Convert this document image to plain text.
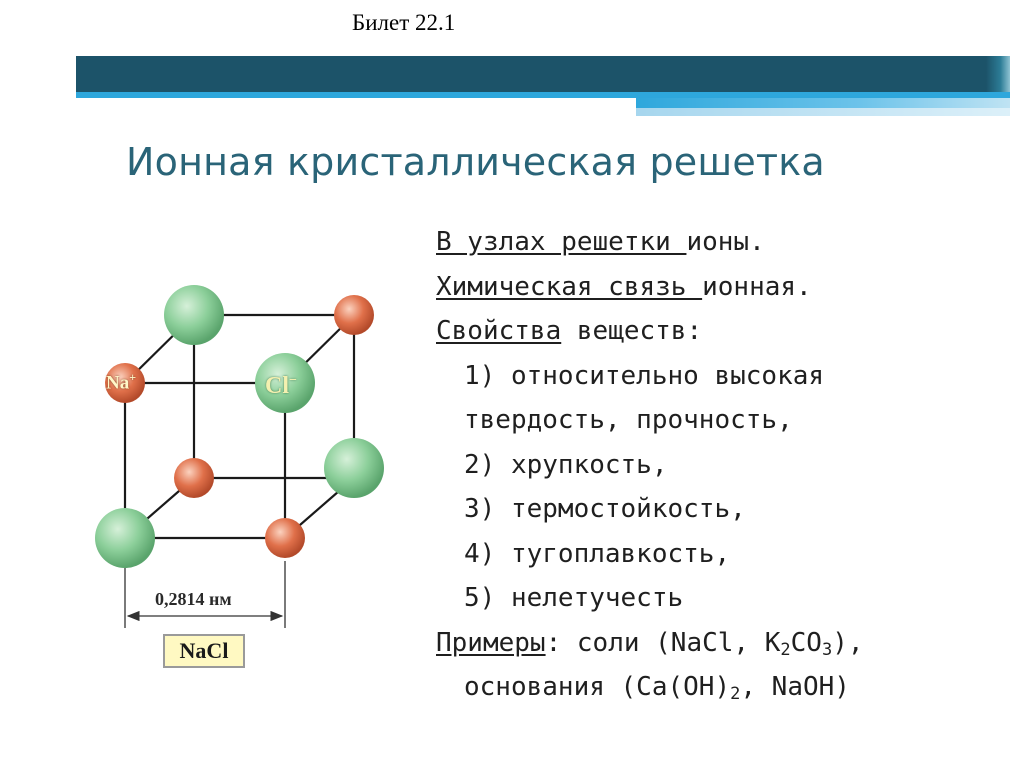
Билет 22.1
Ионная кристаллическая решетка
Na+	Cl−
0,2814 нм
NaCl
В узлах решетки ионы.
Химическая связь ионная.
Свойства веществ:
1) относительно высокая
твердость, прочность,
2) хрупкость,
3) термостойкость,
4) тугоплавкость,
5) нелетучесть
Примеры: соли (NaCl, $K_2CO_3$),
основания ($Ca(OH)_2$, NaOH)
